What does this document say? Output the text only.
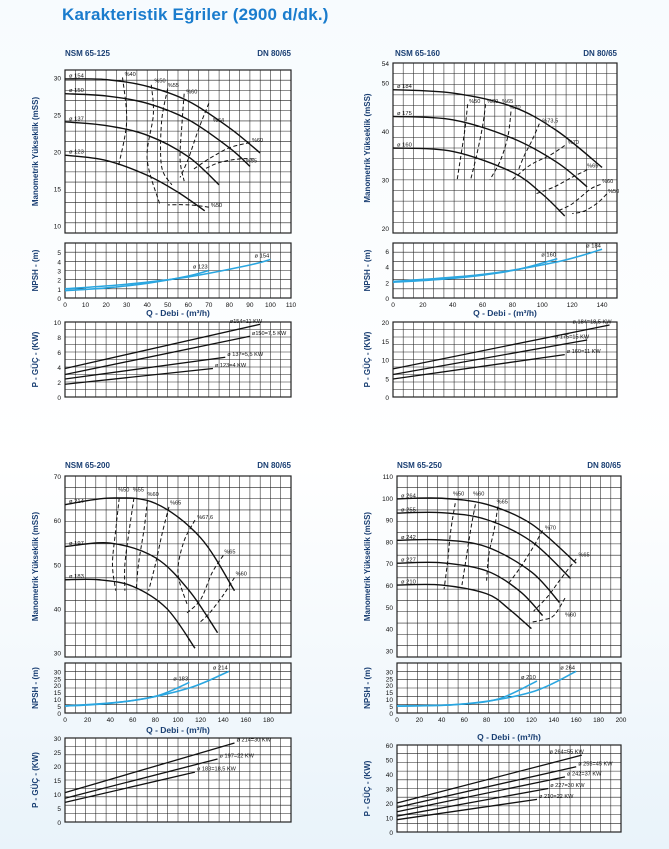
Karakteristik Eğriler (2900 d/dk.)
NSM 65-125	DN 80/65
10
15
20
25
30
Manometrik Yükseklik (mSS)
ø 154
ø 150
ø 137
ø 123
%40
%50
%55
%60
%64
%60
%55
%50
0
1
2
3
4
5
NPSH - (m)	ø 123
ø 154
0 10 20 30 40 50 60 70 80 90 100 110
Q - Debi - (m³/h)
0
2
4
6
8
10
P - GÜÇ - (KW)
ø154=11 KW
ø150=7,5 KW
ø 137=5,5 KW
ø 123=4 KW
NSM 65-160	DN 80/65
20
30
40
50
54
Manometrik Yükseklik (mSS)
ø 184
ø 175
ø 160
%50 %60 %65
%70
%73,5
%70
%65
%60
%50
0
2
4
6
NPSH - (m)	ø 160
ø 184
0	20	40	60	80	100	120	140
Q - Debi - (m³/h)
0
5
10
15
20
P - GÜÇ - (KW)
ø 184=18,5 KW
ø 175=15 KW
ø 160=11 KW
NSM 65-200	DN 80/65
30
40
50
60
70
Manometrik Yükseklik (mSS)
ø 214
ø 197
ø 183
%50 %55
%60
%65
%67,6
%65
%60
0
5
10
15
20
25
30
NPSH - (m)	ø 183
ø 214
0	20 40 60 80 100 120 140 160 180
Q - Debi - (m³/h)
0
5
10
15
20
25
30
P - GÜÇ - (KW)
ø 214=30 KW
ø 197=22 KW
ø 183=18,5 KW
NSM 65-250	DN 80/65
30
40
50
60
70
80
90
100
110
Manometrik Yükseklik (mSS)
ø 264
ø 255
ø 242
ø 227
ø 210
%50 %60
%65
%70
%65
%60
0
5
10
15
20
25
30
NPSH - (m)	ø 210
ø 264
0	20 40 60 80 100 120 140 160 180 200
Q - Debi - (m³/h)
0
10
20
30
40
50
60
P - GÜÇ - (KW)
ø 264=55 KW
ø 255=45 KW
ø 242=37 KW
ø 227=30 KW
ø 210=22 KW
